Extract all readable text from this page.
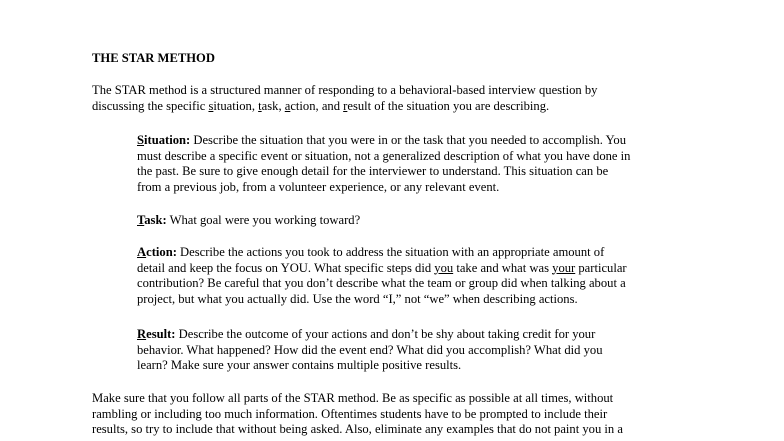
THE STAR METHOD

The STAR method is a structured manner of responding to a behavioral-based interview question by
discussing the specific situation, task, action, and result of the situation you are describing.

Situation: Describe the situation that you were in or the task that you needed to accomplish. You
must describe a specific event or situation, not a generalized description of what you have done in
the past. Be sure to give enough detail for the interviewer to understand. This situation can be
from a previous job, from a volunteer experience, or any relevant event.

Task: What goal were you working toward?

Action: Describe the actions you took to address the situation with an appropriate amount of
detail and keep the focus on YOU. What specific steps did you take and what was your particular
contribution? Be careful that you don’t describe what the team or group did when talking about a
project, but what you actually did. Use the word “I,” not “we” when describing actions.

Result: Describe the outcome of your actions and don’t be shy about taking credit for your
behavior. What happened? How did the event end? What did you accomplish? What did you
learn? Make sure your answer contains multiple positive results.

Make sure that you follow all parts of the STAR method. Be as specific as possible at all times, without
rambling or including too much information. Oftentimes students have to be prompted to include their
results, so try to include that without being asked. Also, eliminate any examples that do not paint you in a
